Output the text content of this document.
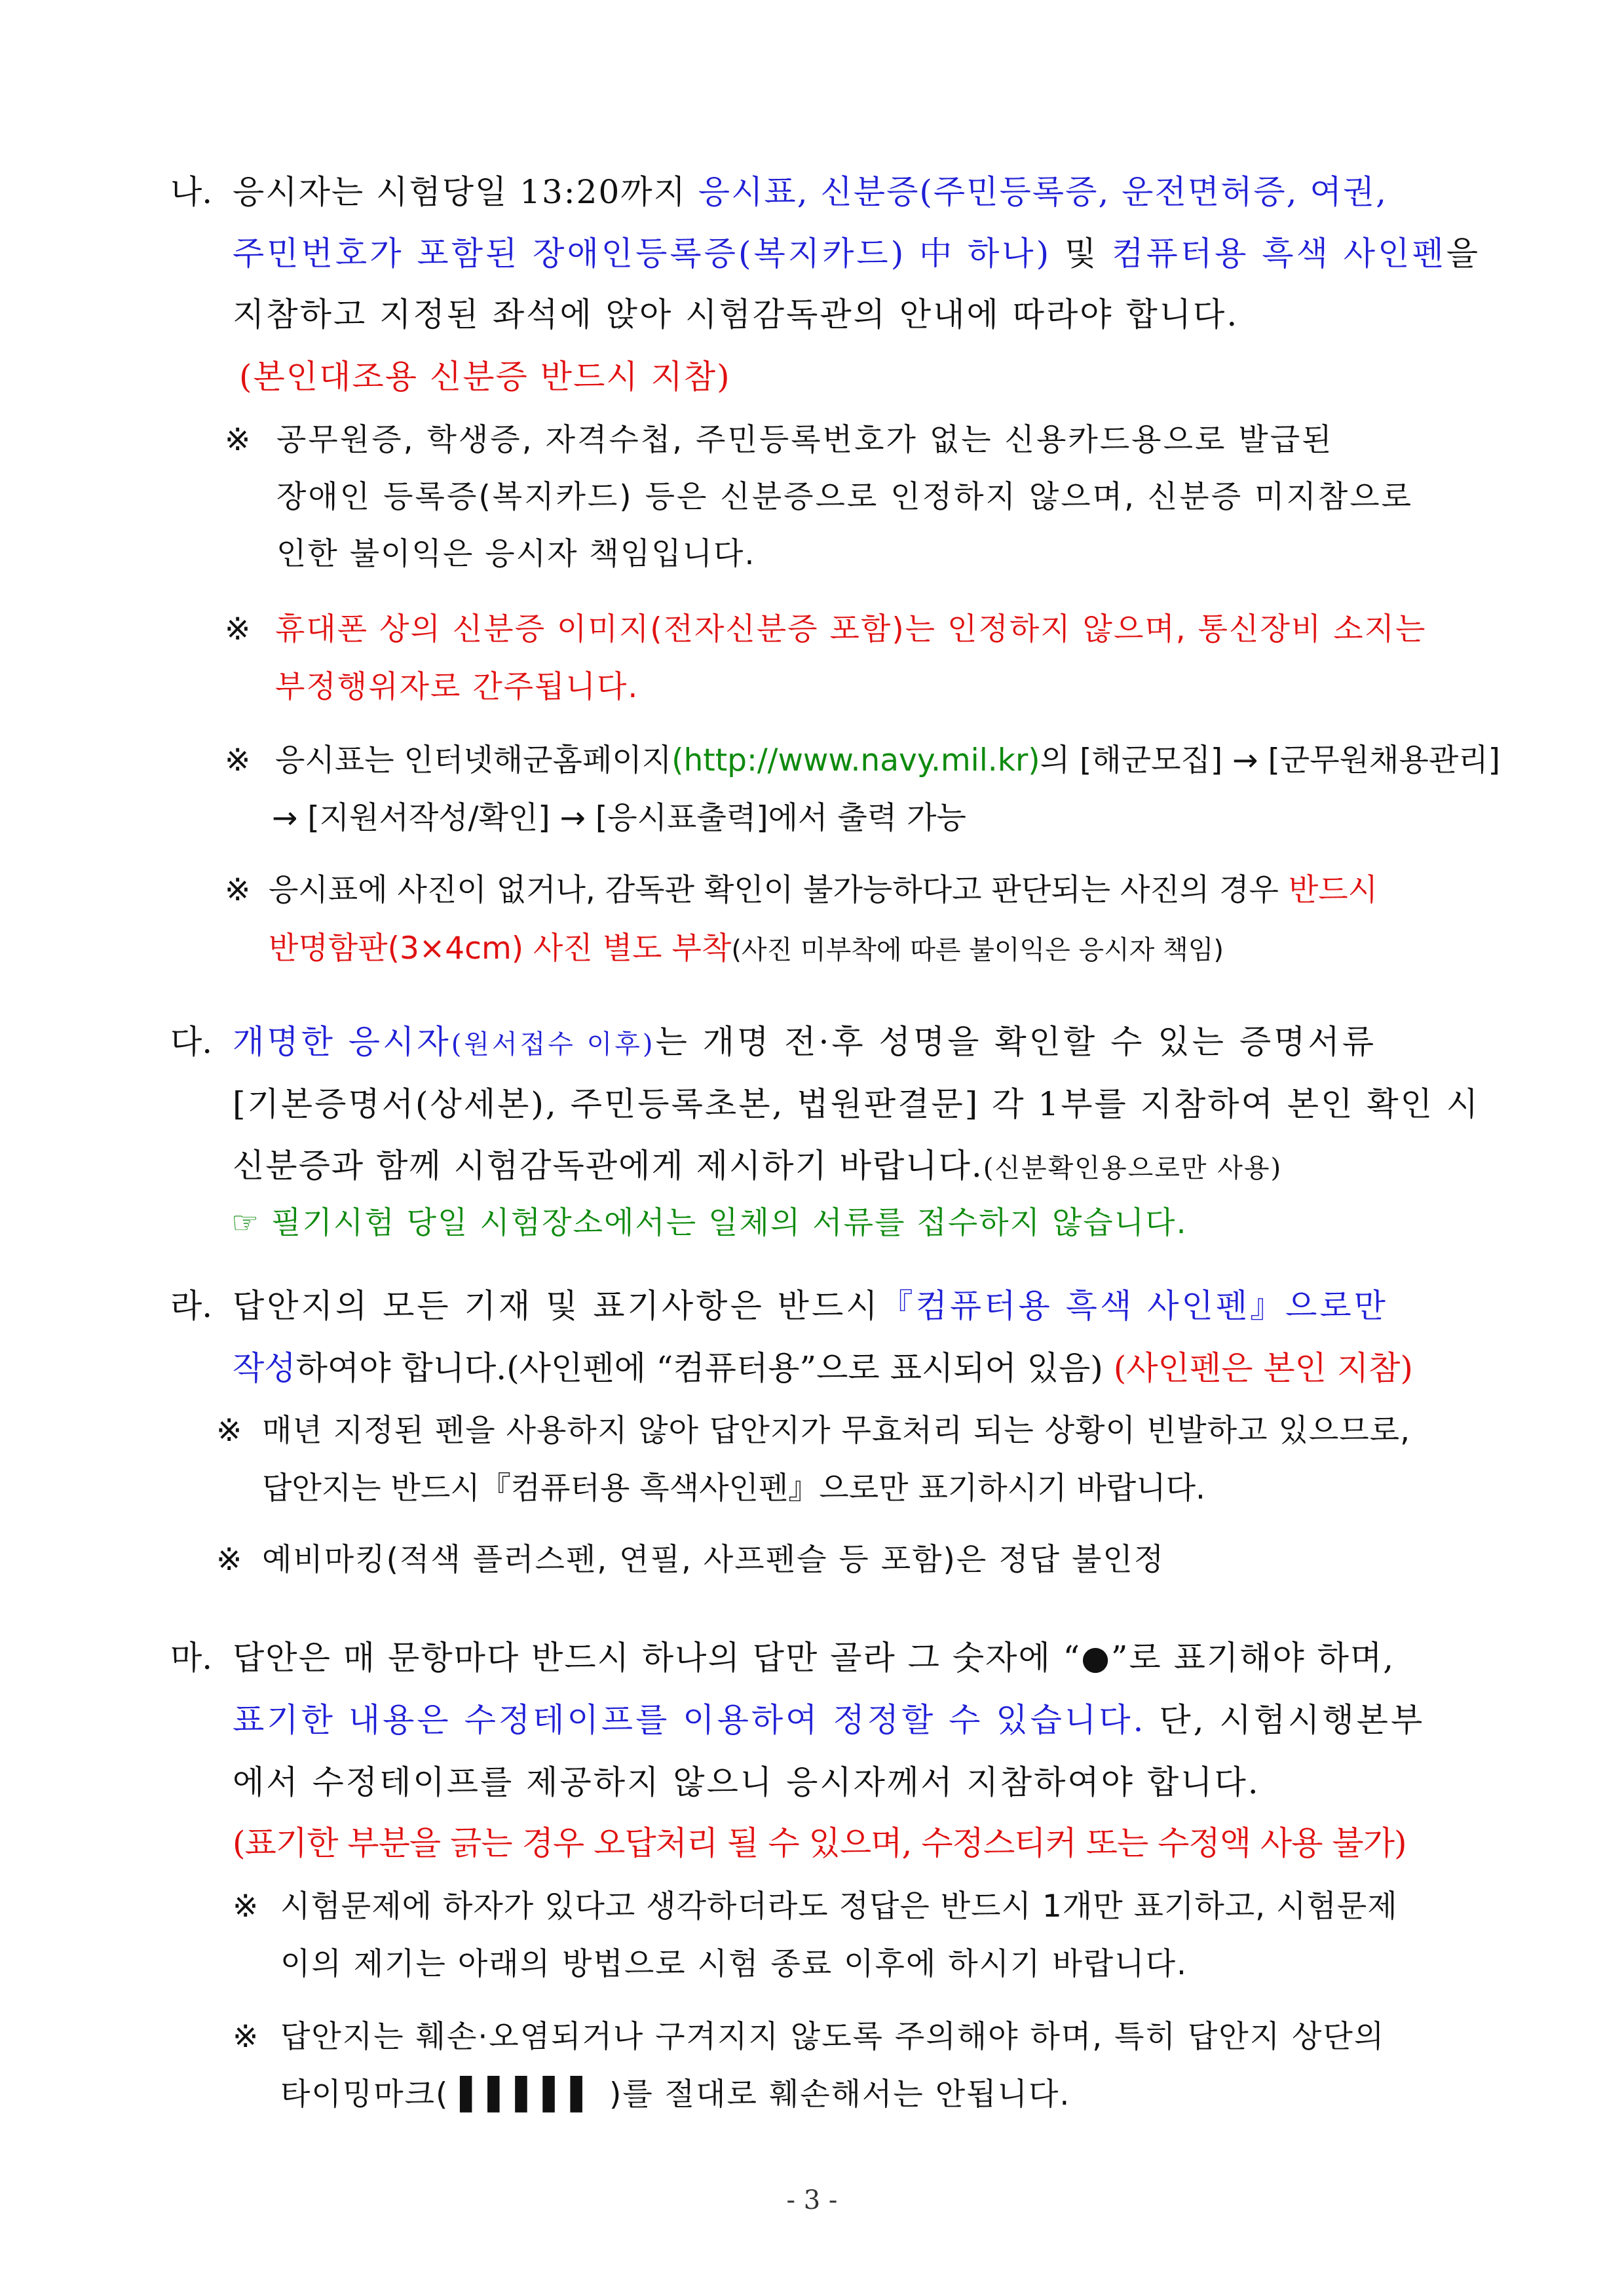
나. 응시자는 시험당일 13:20까지 응시표, 신분증(주민등록증, 운전면허증, 여권,
주민번호가 포함된 장애인등록증(복지카드) 中 하나) 및 컴퓨터용 흑색 사인펜을
지참하고 지정된 좌석에 앉아 시험감독관의 안내에 따라야 합니다.
(본인대조용 신분증 반드시 지참)
※ 공무원증, 학생증, 자격수첩, 주민등록번호가 없는 신용카드용으로 발급된
장애인 등록증(복지카드) 등은 신분증으로 인정하지 않으며, 신분증 미지참으로
인한 불이익은 응시자 책임입니다.
※ 휴대폰 상의 신분증 이미지(전자신분증 포함)는 인정하지 않으며, 통신장비 소지는
부정행위자로 간주됩니다.
※ 응시표는 인터넷해군홈페이지(http://www.navy.mil.kr)의 [해군모집] → [군무원채용관리]
→ [지원서작성/확인] → [응시표출력]에서 출력 가능
※ 응시표에 사진이 없거나, 감독관 확인이 불가능하다고 판단되는 사진의 경우 반드시
반명함판(3×4cm) 사진 별도 부착(사진 미부착에 따른 불이익은 응시자 책임)
다. 개명한 응시자(원서접수 이후)는 개명 전·후 성명을 확인할 수 있는 증명서류
[기본증명서(상세본), 주민등록초본, 법원판결문] 각 1부를 지참하여 본인 확인 시
신분증과 함께 시험감독관에게 제시하기 바랍니다.(신분확인용으로만 사용)
☞ 필기시험 당일 시험장소에서는 일체의 서류를 접수하지 않습니다.
라. 답안지의 모든 기재 및 표기사항은 반드시『컴퓨터용 흑색 사인펜』으로만
작성하여야 합니다.(사인펜에 “컴퓨터용”으로 표시되어 있음) (사인펜은 본인 지참)
※ 매년 지정된 펜을 사용하지 않아 답안지가 무효처리 되는 상황이 빈발하고 있으므로,
답안지는 반드시『컴퓨터용 흑색사인펜』으로만 표기하시기 바랍니다.
※ 예비마킹(적색 플러스펜, 연필, 사프펜슬 등 포함)은 정답 불인정
마. 답안은 매 문항마다 반드시 하나의 답만 골라 그 숫자에 “●”로 표기해야 하며,
표기한 내용은 수정테이프를 이용하여 정정할 수 있습니다. 단, 시험시행본부
에서 수정테이프를 제공하지 않으니 응시자께서 지참하여야 합니다.
(표기한 부분을 긁는 경우 오답처리 될 수 있으며, 수정스티커 또는 수정액 사용 불가)
※ 시험문제에 하자가 있다고 생각하더라도 정답은 반드시 1개만 표기하고, 시험문제
이의 제기는 아래의 방법으로 시험 종료 이후에 하시기 바랍니다.
※ 답안지는 훼손·오염되거나 구겨지지 않도록 주의해야 하며, 특히 답안지 상단의
타이밍마크( ▌▌▌▌▌ )를 절대로 훼손해서는 안됩니다.
- 3 -
